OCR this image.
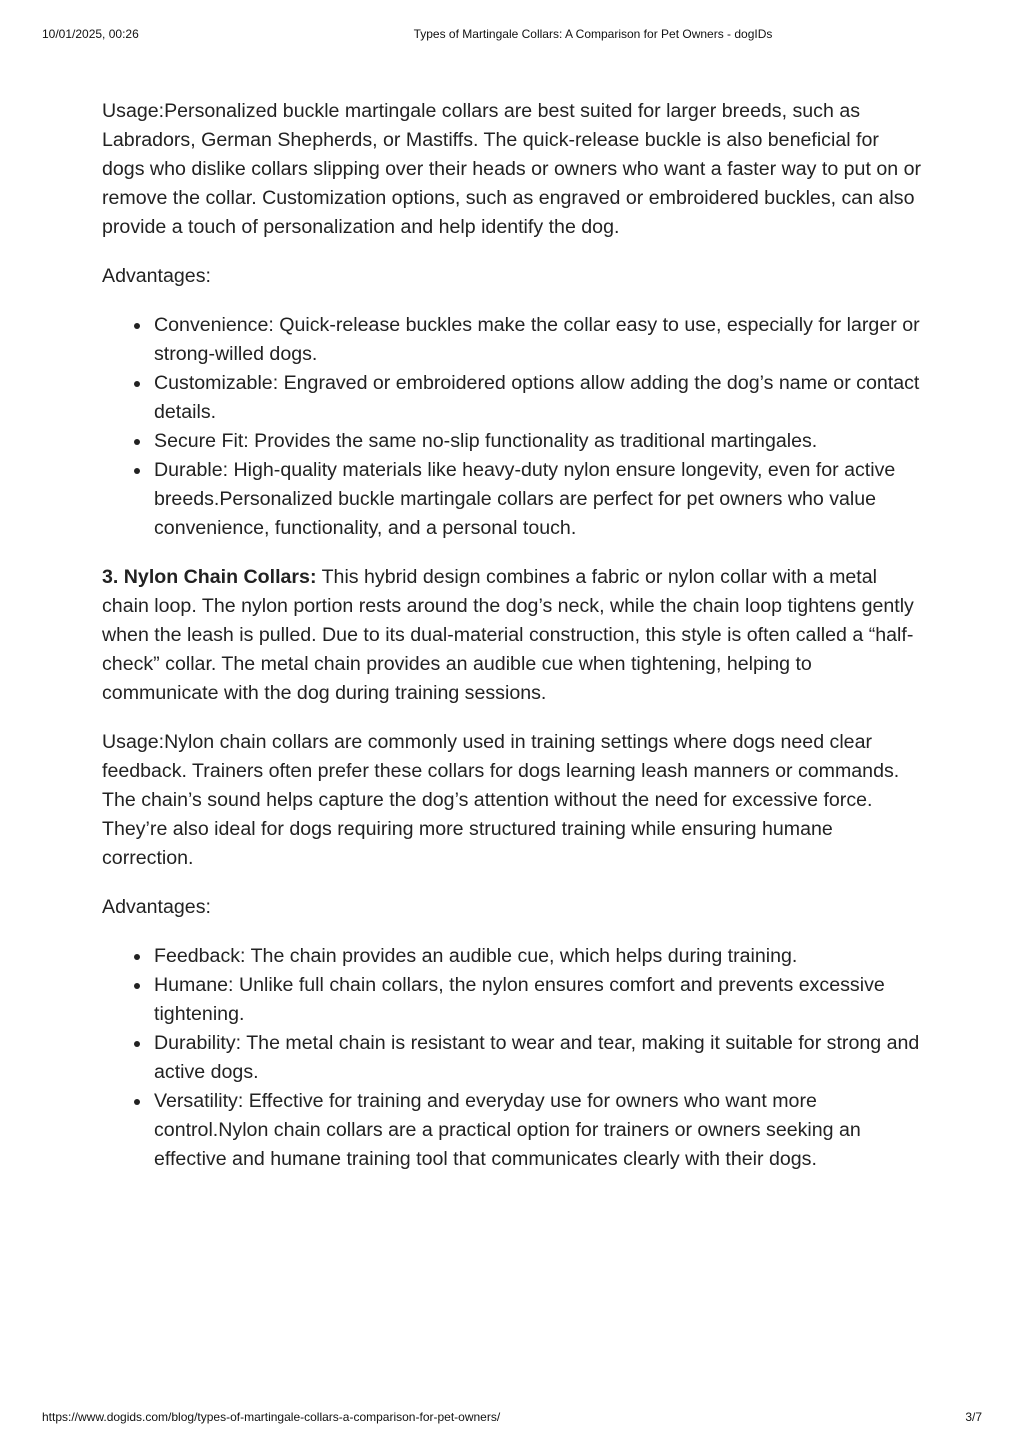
10/01/2025, 00:26	Types of Martingale Collars: A Comparison for Pet Owners - dogIDs

Usage:Personalized buckle martingale collars are best suited for larger breeds, such as Labradors, German Shepherds, or Mastiffs. The quick-release buckle is also beneficial for dogs who dislike collars slipping over their heads or owners who want a faster way to put on or remove the collar. Customization options, such as engraved or embroidered buckles, can also provide a touch of personalization and help identify the dog.

Advantages:

Convenience: Quick-release buckles make the collar easy to use, especially for larger or strong-willed dogs.
Customizable: Engraved or embroidered options allow adding the dog’s name or contact details.
Secure Fit: Provides the same no-slip functionality as traditional martingales.
Durable: High-quality materials like heavy-duty nylon ensure longevity, even for active breeds.Personalized buckle martingale collars are perfect for pet owners who value convenience, functionality, and a personal touch.

3. Nylon Chain Collars: This hybrid design combines a fabric or nylon collar with a metal chain loop. The nylon portion rests around the dog’s neck, while the chain loop tightens gently when the leash is pulled. Due to its dual-material construction, this style is often called a “half-check” collar. The metal chain provides an audible cue when tightening, helping to communicate with the dog during training sessions.

Usage:Nylon chain collars are commonly used in training settings where dogs need clear feedback. Trainers often prefer these collars for dogs learning leash manners or commands. The chain’s sound helps capture the dog’s attention without the need for excessive force. They’re also ideal for dogs requiring more structured training while ensuring humane correction.

Advantages:

Feedback: The chain provides an audible cue, which helps during training.
Humane: Unlike full chain collars, the nylon ensures comfort and prevents excessive tightening.
Durability: The metal chain is resistant to wear and tear, making it suitable for strong and active dogs.
Versatility: Effective for training and everyday use for owners who want more control.Nylon chain collars are a practical option for trainers or owners seeking an effective and humane training tool that communicates clearly with their dogs.
https://www.dogids.com/blog/types-of-martingale-collars-a-comparison-for-pet-owners/	3/7
